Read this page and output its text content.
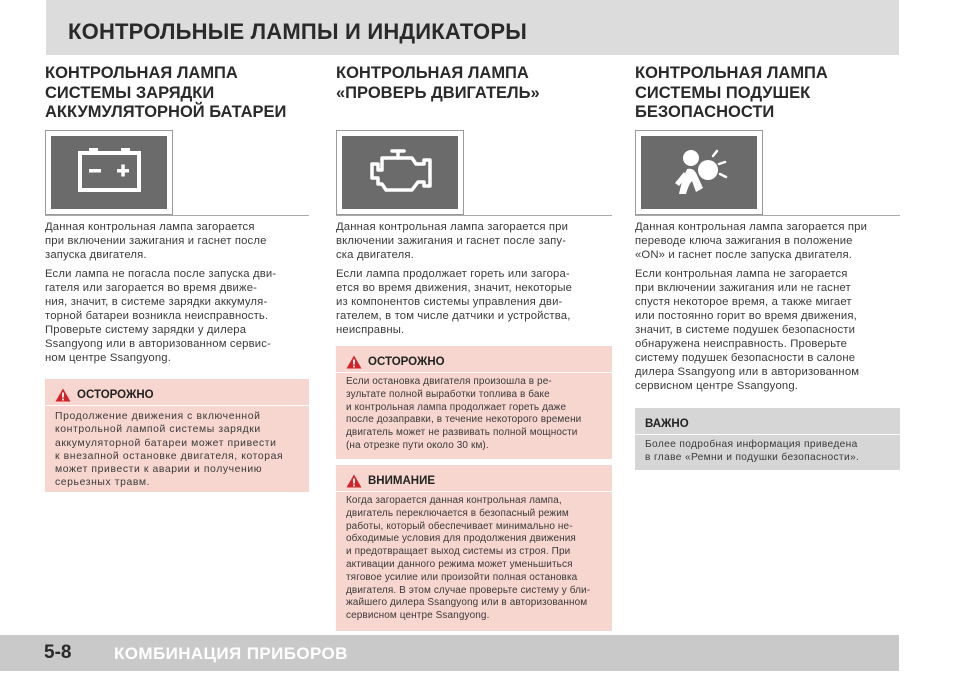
КОНТРОЛЬНЫЕ ЛАМПЫ И ИНДИКАТОРЫ

КОНТРОЛЬНАЯ ЛАМПА
СИСТЕМЫ ЗАРЯДКИ
АККУМУЛЯТОРНОЙ БАТАРЕИ

Данная контрольная лампа загорается
при включении зажигания и гаснет после
запуска двигателя.

Если лампа не погасла после запуска дви-
гателя или загорается во время движе-
ния, значит, в системе зарядки аккумуля-
торной батареи возникла неисправность.
Проверьте систему зарядки у дилера
Ssangyong или в авторизованном сервис-
ном центре Ssangyong.

ОСТОРОЖНО

Продолжение движения с включенной
контрольной лампой системы зарядки
аккумуляторной батареи может привести
к внезапной остановке двигателя, которая
может привести к аварии и получению
серьезных травм.

КОНТРОЛЬНАЯ ЛАМПА
«ПРОВЕРЬ ДВИГАТЕЛЬ»

Данная контрольная лампа загорается при
включении зажигания и гаснет после запу-
ска двигателя.

Если лампа продолжает гореть или загора-
ется во время движения, значит, некоторые
из компонентов системы управления дви-
гателем, в том числе датчики и устройства,
неисправны.

ОСТОРОЖНО

Если остановка двигателя произошла в ре-
зультате полной выработки топлива в баке
и контрольная лампа продолжает гореть даже
после дозаправки, в течение некоторого времени
двигатель может не развивать полной мощности
(на отрезке пути около 30 км).

ВНИМАНИЕ

Когда загорается данная контрольная лампа,
двигатель переключается в безопасный режим
работы, который обеспечивает минимально не-
обходимые условия для продолжения движения
и предотвращает выход системы из строя. При
активации данного режима может уменьшиться
тяговое усилие или произойти полная остановка
двигателя. В этом случае проверьте систему у бли-
жайшего дилера Ssangyong или в авторизованном
сервисном центре Ssangyong.

КОНТРОЛЬНАЯ ЛАМПА
СИСТЕМЫ ПОДУШЕК
БЕЗОПАСНОСТИ

Данная контрольная лампа загорается при
переводе ключа зажигания в положение
«ON» и гаснет после запуска двигателя.

Если контрольная лампа не загорается
при включении зажигания или не гаснет
спустя некоторое время, а также мигает
или постоянно горит во время движения,
значит, в системе подушек безопасности
обнаружена неисправность. Проверьте
систему подушек безопасности в салоне
дилера Ssangyong или в авторизованном
сервисном центре Ssangyong.

ВАЖНО

Более подробная информация приведена
в главе «Ремни и подушки безопасности».

5-8	КОМБИНАЦИЯ ПРИБОРОВ
